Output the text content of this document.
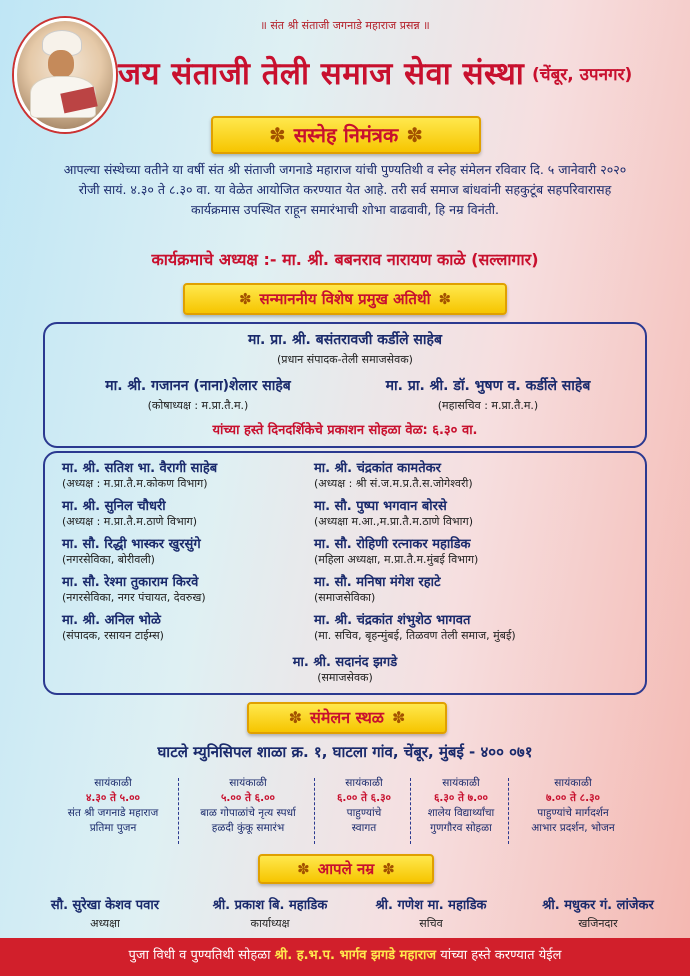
॥ संत श्री संताजी जगनाडे महाराज प्रसन्न ॥
जय संताजी तेली समाज सेवा संस्था (चेंबूर, उपनगर)
✽ सस्नेह निमंत्रक ✽
आपल्या संस्थेच्या वतीने या वर्षी संत श्री संताजी जगनाडे महाराज यांची पुण्यतिथी व स्नेह संमेलन रविवार दि. ५ जानेवारी २०२० रोजी सायं. ४.३० ते ८.३० वा. या वेळेत आयोजित करण्यात येत आहे. तरी सर्व समाज बांधवांनी सहकुटूंब सहपरिवारासह कार्यक्रमास उपस्थित राहून समारंभाची शोभा वाढवावी, हि नम्र विनंती.
कार्यक्रमाचे अध्यक्ष :- मा. श्री. बबनराव नारायण काळे (सल्लागार)
✽ सन्माननीय विशेष प्रमुख अतिथी ✽
मा. प्रा. श्री. बसंतरावजी कर्डीले साहेब
(प्रधान संपादक-तेली समाजसेवक)
मा. श्री. गजानन (नाना)शेलार साहेब
(कोषाध्यक्ष : म.प्रा.तै.म.)
मा. प्रा. श्री. डॉ. भुषण व. कर्डीले साहेब
(महासचिव : म.प्रा.तै.म.)
यांच्या हस्ते दिनदर्शिकेचे प्रकाशन सोहळा वेळ: ६.३० वा.
मा. श्री. सतिश भा. वैरागी साहेब
(अध्यक्ष : म.प्रा.तै.म.कोकण विभाग)
मा. श्री. चंद्रकांत कामतेकर
(अध्यक्ष : श्री सं.ज.म.प्र.तै.स.जोगेश्वरी)
मा. श्री. सुनिल चौधरी
(अध्यक्ष : म.प्रा.तै.म.ठाणे विभाग)
मा. सौ. पुष्पा भगवान बोरसे
(अध्यक्षा म.आ.,म.प्रा.तै.म.ठाणे विभाग)
मा. सौ. रिद्धी भास्कर खुरसुंगे
(नगरसेविका, बोरीवली)
मा. सौ. रोहिणी रत्नाकर महाडिक
(महिला अध्यक्षा, म.प्रा.तै.म.मुंबई विभाग)
मा. सौ. रेश्मा तुकाराम किरवे
(नगरसेविका, नगर पंचायत, देवरुख)
मा. सौ. मनिषा मंगेश रहाटे
(समाजसेविका)
मा. श्री. अनिल भोळे
(संपादक, रसायन टाईम्स)
मा. श्री. चंद्रकांत शंभुशेठ भागवत
(मा. सचिव, बृहन्मुंबई, तिळवण तेली समाज, मुंबई)
मा. श्री. सदानंद झगडे
(समाजसेवक)
✽ संमेलन स्थळ ✽
घाटले म्युनिसिपल शाळा क्र. १, घाटला गांव, चेंबूर, मुंबई - ४०० ०७१
सायंकाळी
४.३० ते ५.००
संत श्री जगनाडे महाराज
प्रतिमा पुजन
सायंकाळी
५.०० ते ६.००
बाळ गोपाळांचे नृत्य स्पर्धा
हळदी कुंकू समारंभ
सायंकाळी
६.०० ते ६.३०
पाहुण्यांचे
स्वागत
सायंकाळी
६.३० ते ७.००
शालेय विद्यार्थ्यांचा
गुणगौरव सोहळा
सायंकाळी
७.०० ते ८.३०
पाहुण्यांचे मार्गदर्शन
आभार प्रदर्शन, भोजन
✽ आपले नम्र ✽
सौ. सुरेखा केशव पवार
अध्यक्षा
श्री. प्रकाश बि. महाडिक
कार्याध्यक्ष
श्री. गणेश मा. महाडिक
सचिव
श्री. मधुकर गं. लांजेकर
खजिनदार
पुजा विधी व पुण्यतिथी सोहळा श्री. ह.भ.प. भार्गव झगडे महाराज यांच्या हस्ते करण्यात येईल
